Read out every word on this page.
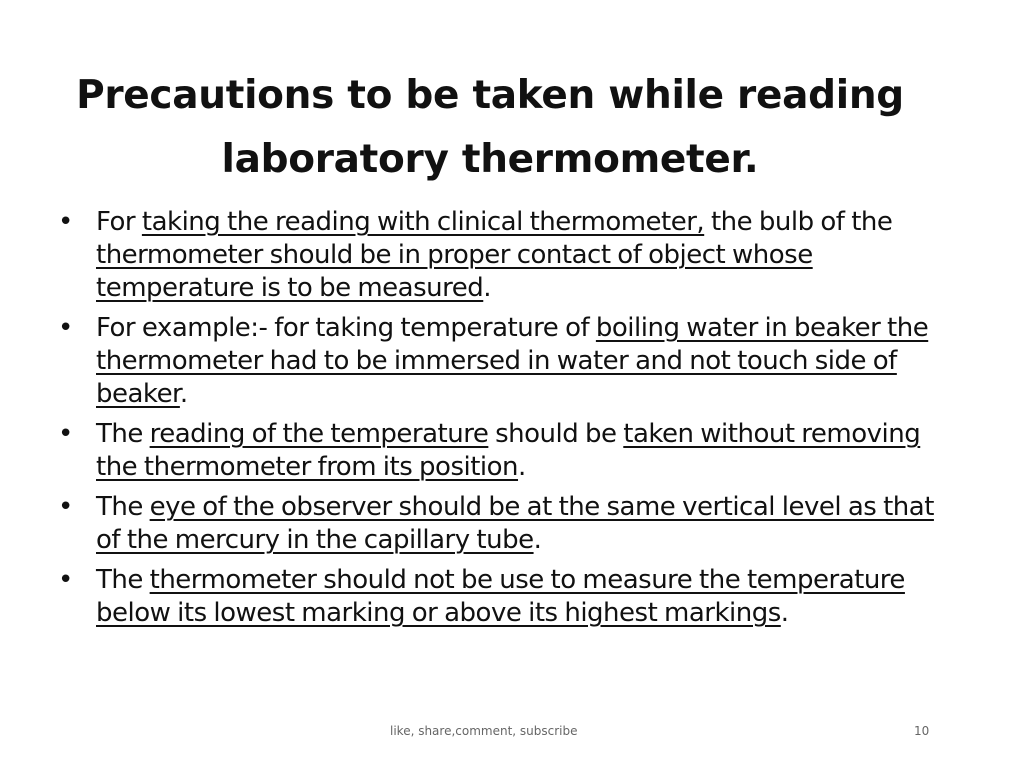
Precautions to be taken while reading
laboratory thermometer.
• For taking the reading with clinical thermometer, the bulb of the thermometer should be in proper contact of object whose temperature is to be measured.
• For example:- for taking temperature of boiling water in beaker the thermometer had to be immersed in water and not touch side of beaker.
• The reading of the temperature should be taken without removing the thermometer from its position.
• The eye of the observer should be at the same vertical level as that of the mercury in the capillary tube.
• The thermometer should not be use to measure the temperature below its lowest marking or above its highest markings.
like, share,comment, subscribe	10
